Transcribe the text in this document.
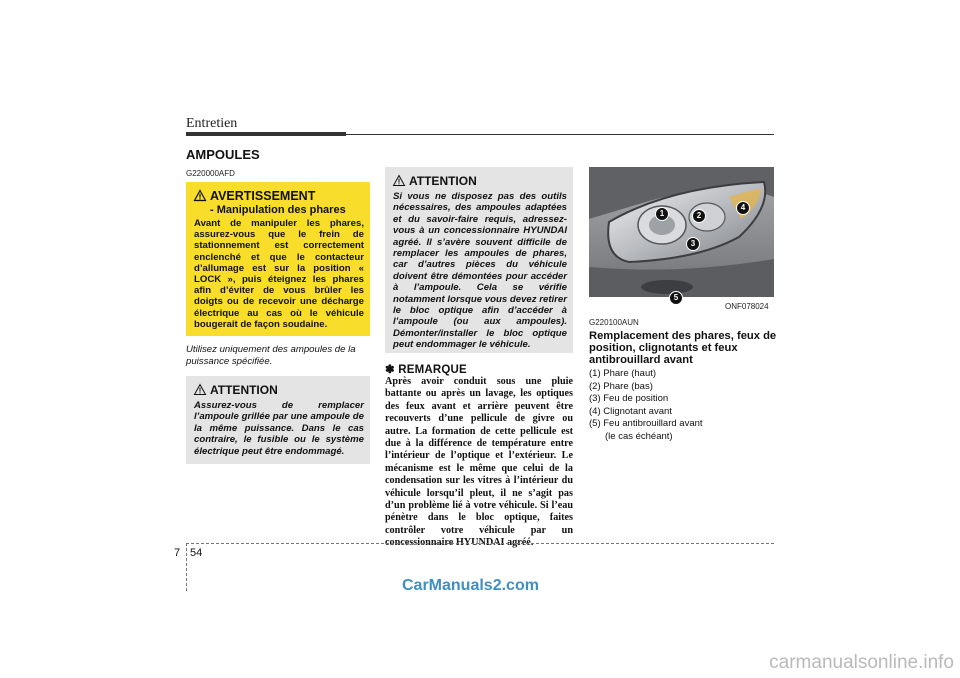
Entretien
AMPOULES
G220000AFD
AVERTISSEMENT
- Manipulation des phares
Avant de manipuler les phares, assurez-vous que le frein de stationnement est correctement enclenché et que le contacteur d’allumage est sur la position « LOCK », puis éteignez les phares afin d’éviter de vous brûler les doigts ou de recevoir une décharge électrique au cas où le véhicule bougerait de façon soudaine.
Utilisez uniquement des ampoules de la puissance spécifiée.
ATTENTION
Assurez-vous de remplacer l’ampoule grillée par une ampoule de la même puissance. Dans le cas contraire, le fusible ou le système électrique peut être endommagé.
ATTENTION
Si vous ne disposez pas des outils nécessaires, des ampoules adaptées et du savoir-faire requis, adressez-vous à un concessionnaire HYUNDAI agréé. Il s’avère souvent difficile de remplacer les ampoules de phares, car d’autres pièces du véhicule doivent être démontées pour accéder à l’ampoule. Cela se vérifie notamment lorsque vous devez retirer le bloc optique afin d’accéder à l’ampoule (ou aux ampoules). Démonter/installer le bloc optique peut endommager le véhicule.
✽ REMARQUE
Après avoir conduit sous une pluie battante ou après un lavage, les optiques des feux avant et arrière peuvent être recouverts d’une pellicule de givre ou autre. La formation de cette pellicule est due à la différence de température entre l’intérieur de l’optique et l’extérieur. Le mécanisme est le même que celui de la condensation sur les vitres à l’intérieur du véhicule lorsqu’il pleut, il ne s’agit pas d’un problème lié à votre véhicule. Si l’eau pénètre dans le bloc optique, faites contrôler votre véhicule par un concessionnaire HYUNDAI agréé.
1	2
3
4
5
ONF078024
G220100AUN
Remplacement des phares, feux de position, clignotants et feux antibrouillard avant
(1) Phare (haut)
(2) Phare (bas)
(3) Feu de position
(4) Clignotant avant
(5) Feu antibrouillard avant
(le cas échéant)
7 54
CarManuals2.com
carmanualsonline.info
